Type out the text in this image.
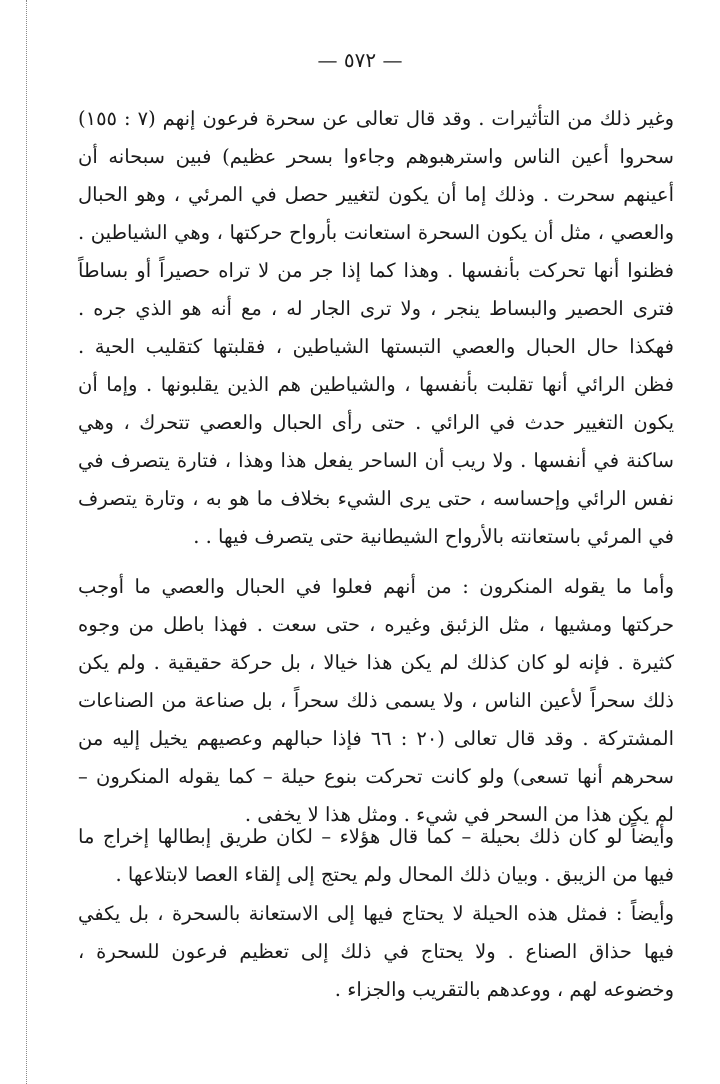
— ٥٧٢ —

وغير ذلك من التأثيرات . وقد قال تعالى عن سحرة فرعون إنهم (٧ : ١٥٥) سحروا أعين الناس واسترهبوهم وجاءوا بسحر عظيم) فبين سبحانه أن أعينهم سحرت . وذلك إما أن يكون لتغيير حصل في المرئي ، وهو الحبال والعصي ، مثل أن يكون السحرة استعانت بأرواح حركتها ، وهي الشياطين . فظنوا أنها تحركت بأنفسها . وهذا كما إذا جر من لا تراه حصيراً أو بساطاً فترى الحصير والبساط ينجر ، ولا ترى الجار له ، مع أنه هو الذي جره . فهكذا حال الحبال والعصي التبستها الشياطين ، فقلبتها كتقليب الحية . فظن الرائي أنها تقلبت بأنفسها ، والشياطين هم الذين يقلبونها . وإما أن يكون التغيير حدث في الرائي . حتى رأى الحبال والعصي تتحرك ، وهي ساكنة في أنفسها . ولا ريب أن الساحر يفعل هذا وهذا ، فتارة يتصرف في نفس الرائي وإحساسه ، حتى يرى الشيء بخلاف ما هو به ، وتارة يتصرف في المرئي باستعانته بالأرواح الشيطانية حتى يتصرف فيها . .

وأما ما يقوله المنكرون : من أنهم فعلوا في الحبال والعصي ما أوجب حركتها ومشيها ، مثل الزئبق وغيره ، حتى سعت . فهذا باطل من وجوه كثيرة . فإنه لو كان كذلك لم يكن هذا خيالا ، بل حركة حقيقية . ولم يكن ذلك سحراً لأعين الناس ، ولا يسمى ذلك سحراً ، بل صناعة من الصناعات المشتركة . وقد قال تعالى (٢٠ : ٦٦ فإذا حبالهم وعصيهم يخيل إليه من سحرهم أنها تسعى) ولو كانت تحركت بنوع حيلة – كما يقوله المنكرون – لم يكن هذا من السحر في شيء . ومثل هذا لا يخفى .

وأيضاً لو كان ذلك بحيلة – كما قال هؤلاء – لكان طريق إبطالها إخراج ما فيها من الزيبق . وبيان ذلك المحال ولم يحتج إلى إلقاء العصا لابتلاعها .

وأيضاً : فمثل هذه الحيلة لا يحتاج فيها إلى الاستعانة بالسحرة ، بل يكفي فيها حذاق الصناع . ولا يحتاج في ذلك إلى تعظيم فرعون للسحرة ، وخضوعه لهم ، ووعدهم بالتقريب والجزاء .
